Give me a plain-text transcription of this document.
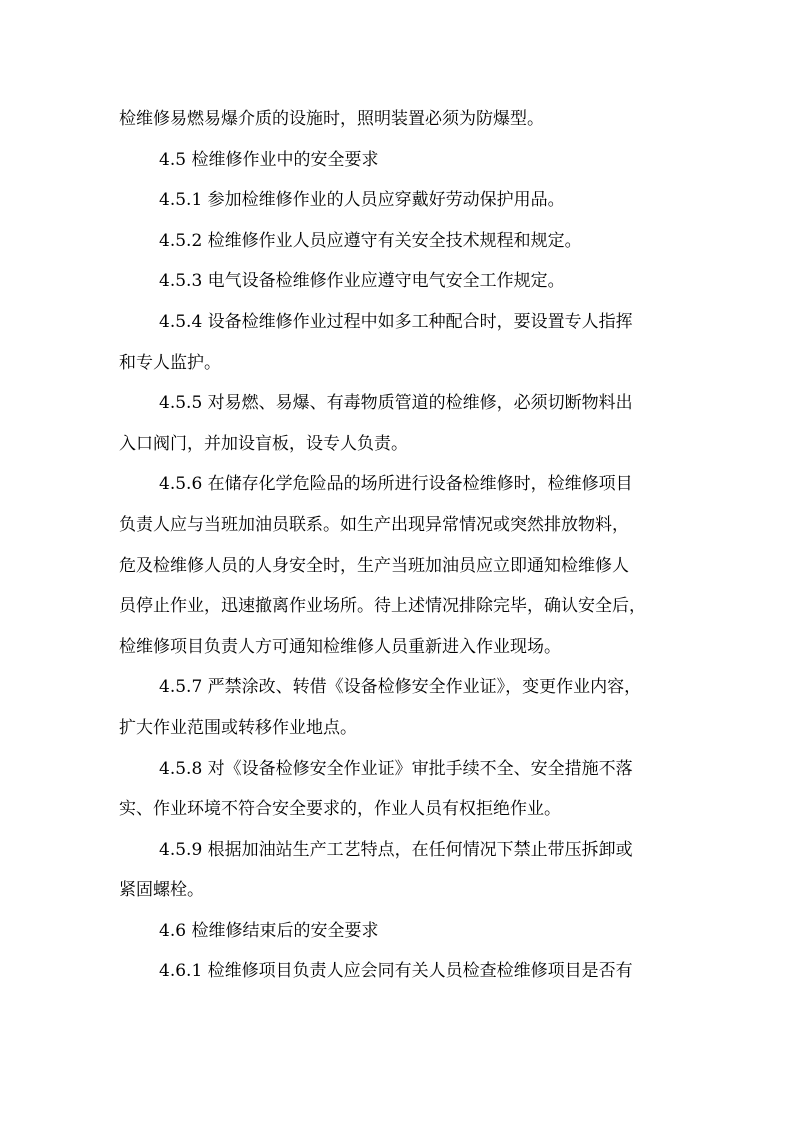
检维修易燃易爆介质的设施时，照明装置必须为防爆型。
4.5 检维修作业中的安全要求
4.5.1 参加检维修作业的人员应穿戴好劳动保护用品。
4.5.2 检维修作业人员应遵守有关安全技术规程和规定。
4.5.3 电气设备检维修作业应遵守电气安全工作规定。
4.5.4 设备检维修作业过程中如多工种配合时，要设置专人指挥
和专人监护。
4.5.5 对易燃、易爆、有毒物质管道的检维修，必须切断物料出
入口阀门，并加设盲板，设专人负责。
4.5.6 在储存化学危险品的场所进行设备检维修时，检维修项目
负责人应与当班加油员联系。如生产出现异常情况或突然排放物料，
危及检维修人员的人身安全时，生产当班加油员应立即通知检维修人
员停止作业，迅速撤离作业场所。待上述情况排除完毕，确认安全后，
检维修项目负责人方可通知检维修人员重新进入作业现场。
4.5.7 严禁涂改、转借《设备检修安全作业证》，变更作业内容，
扩大作业范围或转移作业地点。
4.5.8 对《设备检修安全作业证》审批手续不全、安全措施不落
实、作业环境不符合安全要求的，作业人员有权拒绝作业。
4.5.9 根据加油站生产工艺特点，在任何情况下禁止带压拆卸或
紧固螺栓。
4.6 检维修结束后的安全要求
4.6.1 检维修项目负责人应会同有关人员检查检维修项目是否有
